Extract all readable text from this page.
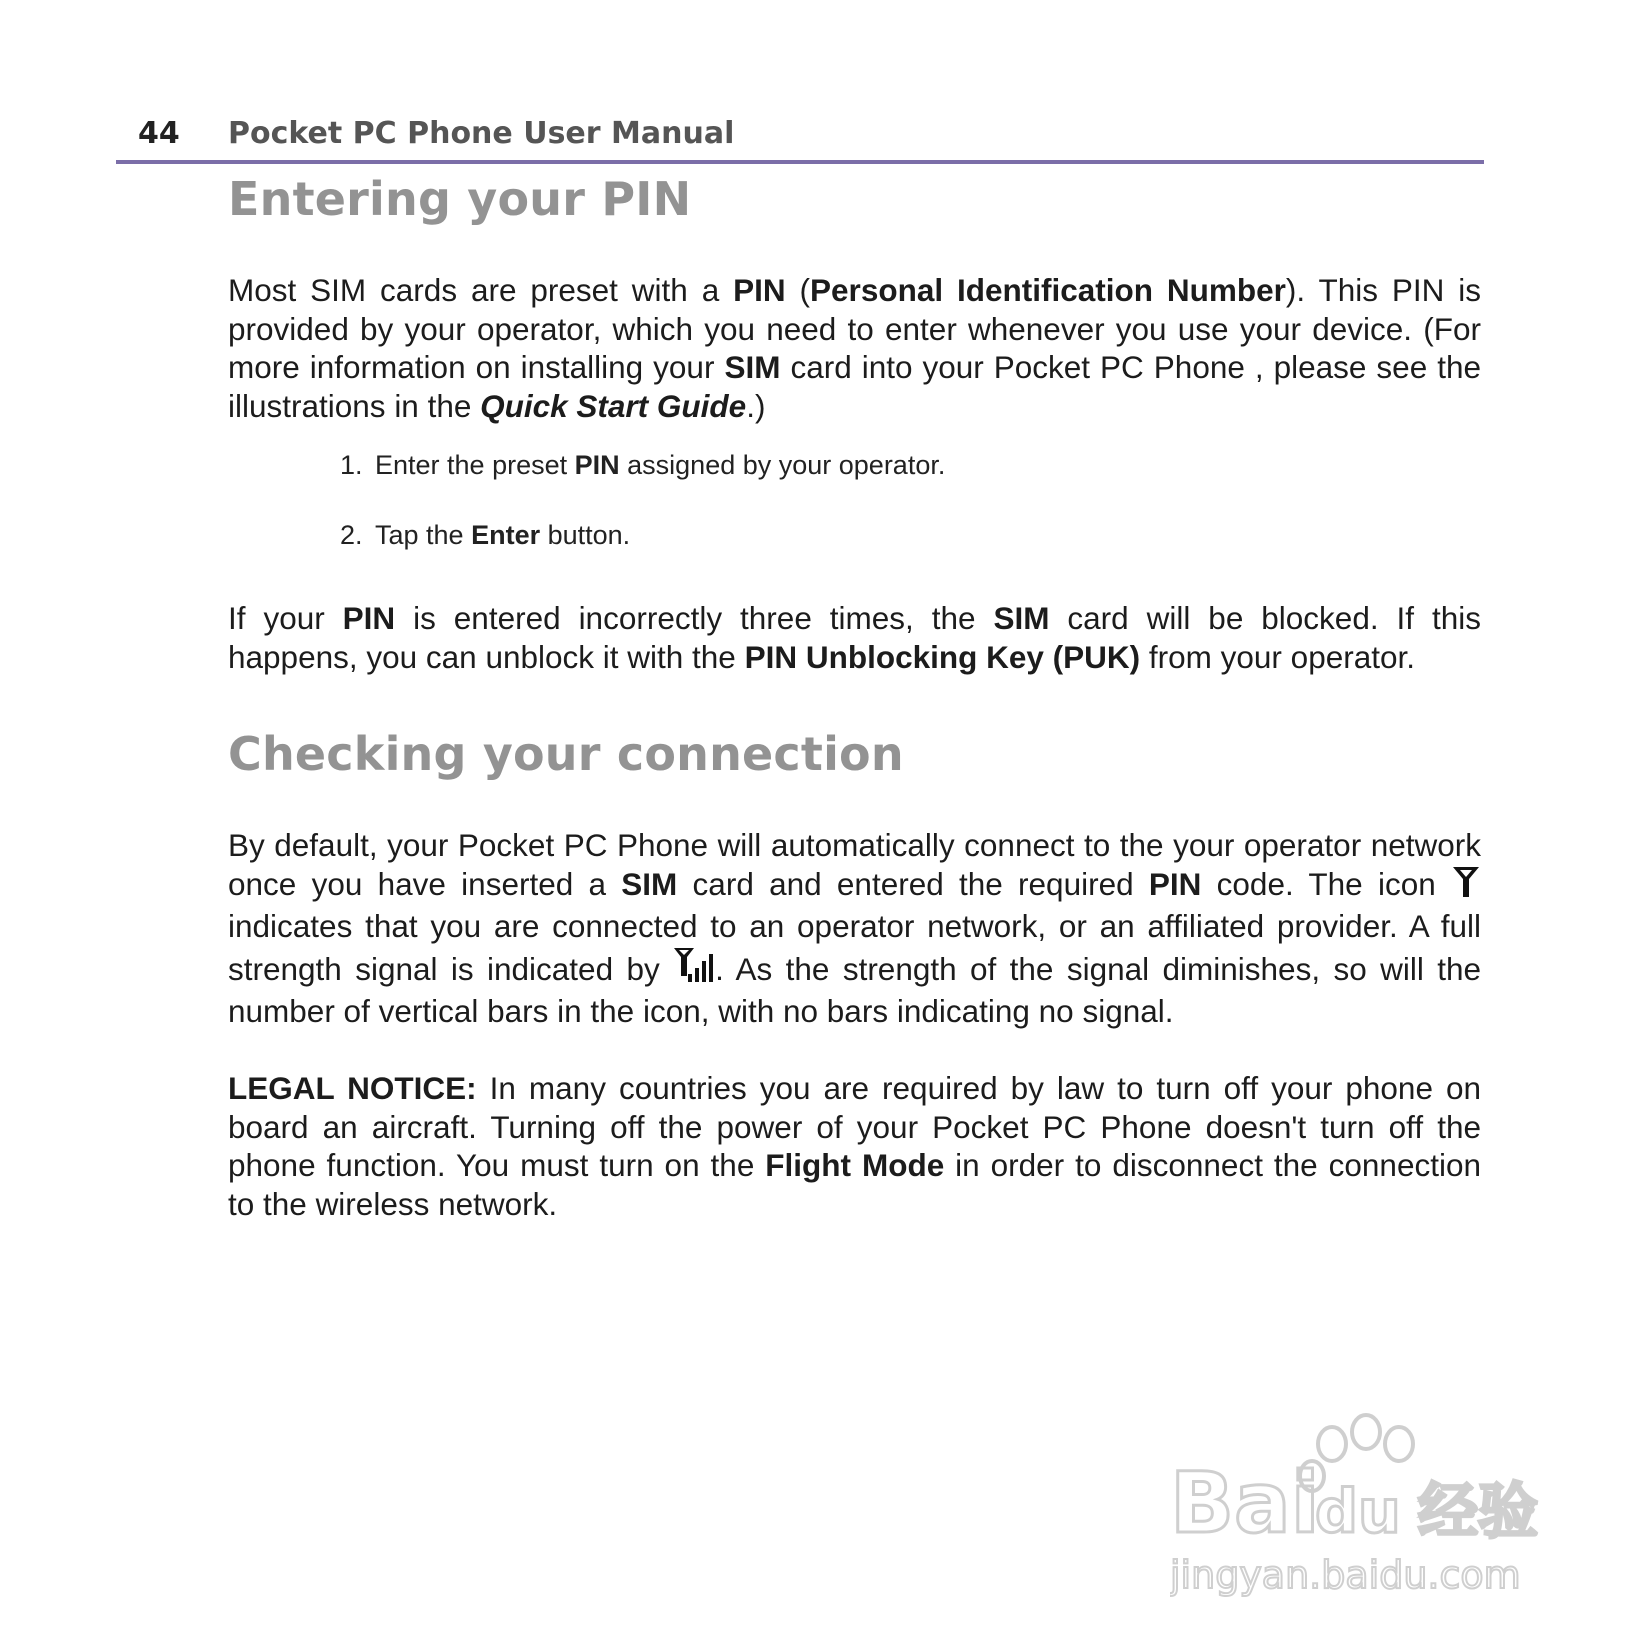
44 Pocket PC Phone User Manual
Entering your PIN

Most SIM cards are preset with a PIN (Personal Identification Number). This PIN is provided by your operator, which you need to enter whenever you use your device. (For more information on installing your SIM card into your Pocket PC Phone , please see the illustrations in the Quick Start Guide.)

1. Enter the preset PIN assigned by your operator.
2. Tap the Enter button.

If your PIN is entered incorrectly three times, the SIM card will be blocked. If this happens, you can unblock it with the PIN Unblocking Key (PUK) from your operator.

Checking your connection

By default, your Pocket PC Phone will automatically connect to the your operator network once you have inserted a SIM card and entered the required PIN code. The icon  indicates that you are connected to an operator network, or an affiliated provider. A full strength signal is indicated by . As the strength of the signal diminishes, so will the number of vertical bars in the icon, with no bars indicating no signal.

LEGAL NOTICE: In many countries you are required by law to turn off your phone on board an aircraft. Turning off the power of your Pocket PC Phone doesn't turn off the phone function. You must turn on the Flight Mode in order to disconnect the connection to the wireless network.

Bai
du 经验
jingyan.baidu.com
